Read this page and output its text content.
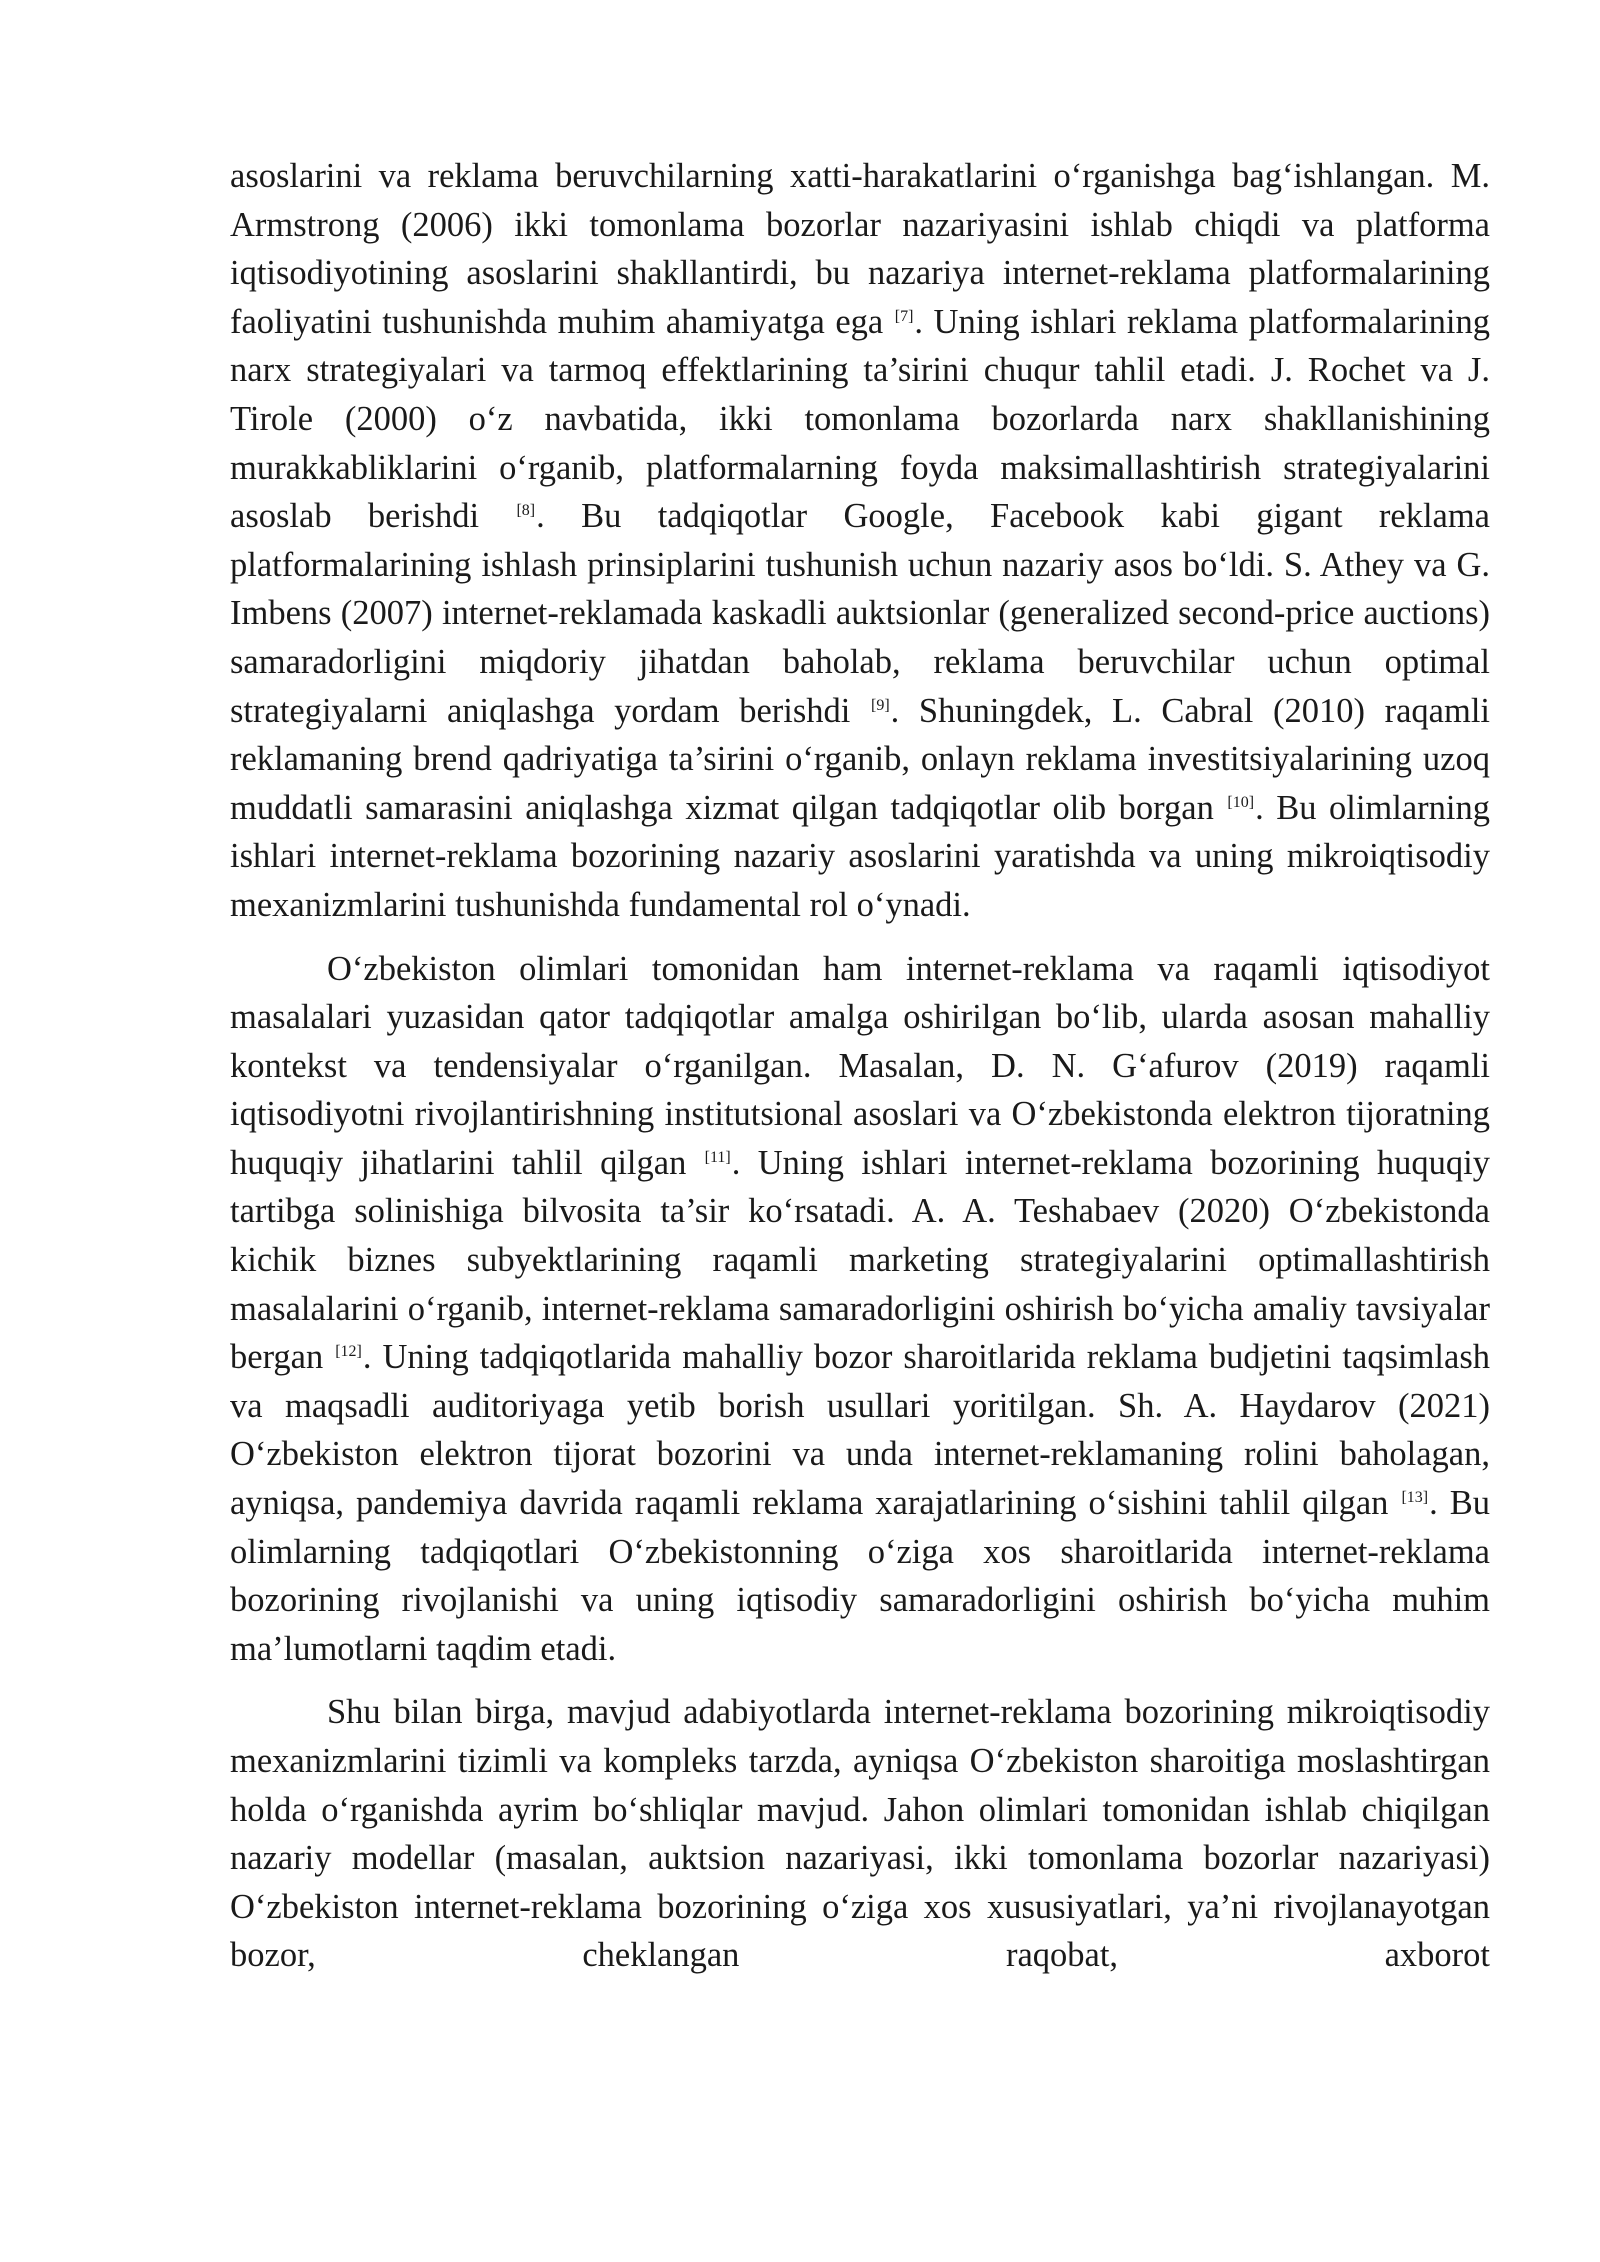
asoslarini va reklama beruvchilarning xatti-harakatlarini o‘rganishga bag‘ishlangan. M. Armstrong (2006) ikki tomonlama bozorlar nazariyasini ishlab chiqdi va platforma iqtisodiyotining asoslarini shakllantirdi, bu nazariya internet-reklama platformalarining faoliyatini tushunishda muhim ahamiyatga ega [7]. Uning ishlari reklama platformalarining narx strategiyalari va tarmoq effektlarining ta’sirini chuqur tahlil etadi. J. Rochet va J. Tirole (2000) o‘z navbatida, ikki tomonlama bozorlarda narx shakllanishining murakkabliklarini o‘rganib, platformalarning foyda maksimallashtirish strategiyalarini asoslab berishdi [8]. Bu tadqiqotlar Google, Facebook kabi gigant reklama platformalarining ishlash prinsiplarini tushunish uchun nazariy asos bo‘ldi. S. Athey va G. Imbens (2007) internet-reklamada kaskadli auktsionlar (generalized second-price auctions) samaradorligini miqdoriy jihatdan baholab, reklama beruvchilar uchun optimal strategiyalarni aniqlashga yordam berishdi [9]. Shuningdek, L. Cabral (2010) raqamli reklamaning brend qadriyatiga ta’sirini o‘rganib, onlayn reklama investitsiyalarining uzoq muddatli samarasini aniqlashga xizmat qilgan tadqiqotlar olib borgan [10]. Bu olimlarning ishlari internet-reklama bozorining nazariy asoslarini yaratishda va uning mikroiqtisodiy mexanizmlarini tushunishda fundamental rol o‘ynadi.

O‘zbekiston olimlari tomonidan ham internet-reklama va raqamli iqtisodiyot masalalari yuzasidan qator tadqiqotlar amalga oshirilgan bo‘lib, ularda asosan mahalliy kontekst va tendensiyalar o‘rganilgan. Masalan, D. N. G‘afurov (2019) raqamli iqtisodiyotni rivojlantirishning institutsional asoslari va O‘zbekistonda elektron tijoratning huquqiy jihatlarini tahlil qilgan [11]. Uning ishlari internet-reklama bozorining huquqiy tartibga solinishiga bilvosita ta’sir ko‘rsatadi. A. A. Teshabaev (2020) O‘zbekistonda kichik biznes subyektlarining raqamli marketing strategiyalarini optimallashtirish masalalarini o‘rganib, internet-reklama samaradorligini oshirish bo‘yicha amaliy tavsiyalar bergan [12]. Uning tadqiqotlarida mahalliy bozor sharoitlarida reklama budjetini taqsimlash va maqsadli auditoriyaga yetib borish usullari yoritilgan. Sh. A. Haydarov (2021) O‘zbekiston elektron tijorat bozorini va unda internet-reklamaning rolini baholagan, ayniqsa, pandemiya davrida raqamli reklama xarajatlarining o‘sishini tahlil qilgan [13]. Bu olimlarning tadqiqotlari O‘zbekistonning o‘ziga xos sharoitlarida internet-reklama bozorining rivojlanishi va uning iqtisodiy samaradorligini oshirish bo‘yicha muhim ma’lumotlarni taqdim etadi.

Shu bilan birga, mavjud adabiyotlarda internet-reklama bozorining mikroiqtisodiy mexanizmlarini tizimli va kompleks tarzda, ayniqsa O‘zbekiston sharoitiga moslashtirgan holda o‘rganishda ayrim bo‘shliqlar mavjud. Jahon olimlari tomonidan ishlab chiqilgan nazariy modellar (masalan, auktsion nazariyasi, ikki tomonlama bozorlar nazariyasi) O‘zbekiston internet-reklama bozorining o‘ziga xos xususiyatlari, ya’ni rivojlanayotgan bozor, cheklangan raqobat, axborot
